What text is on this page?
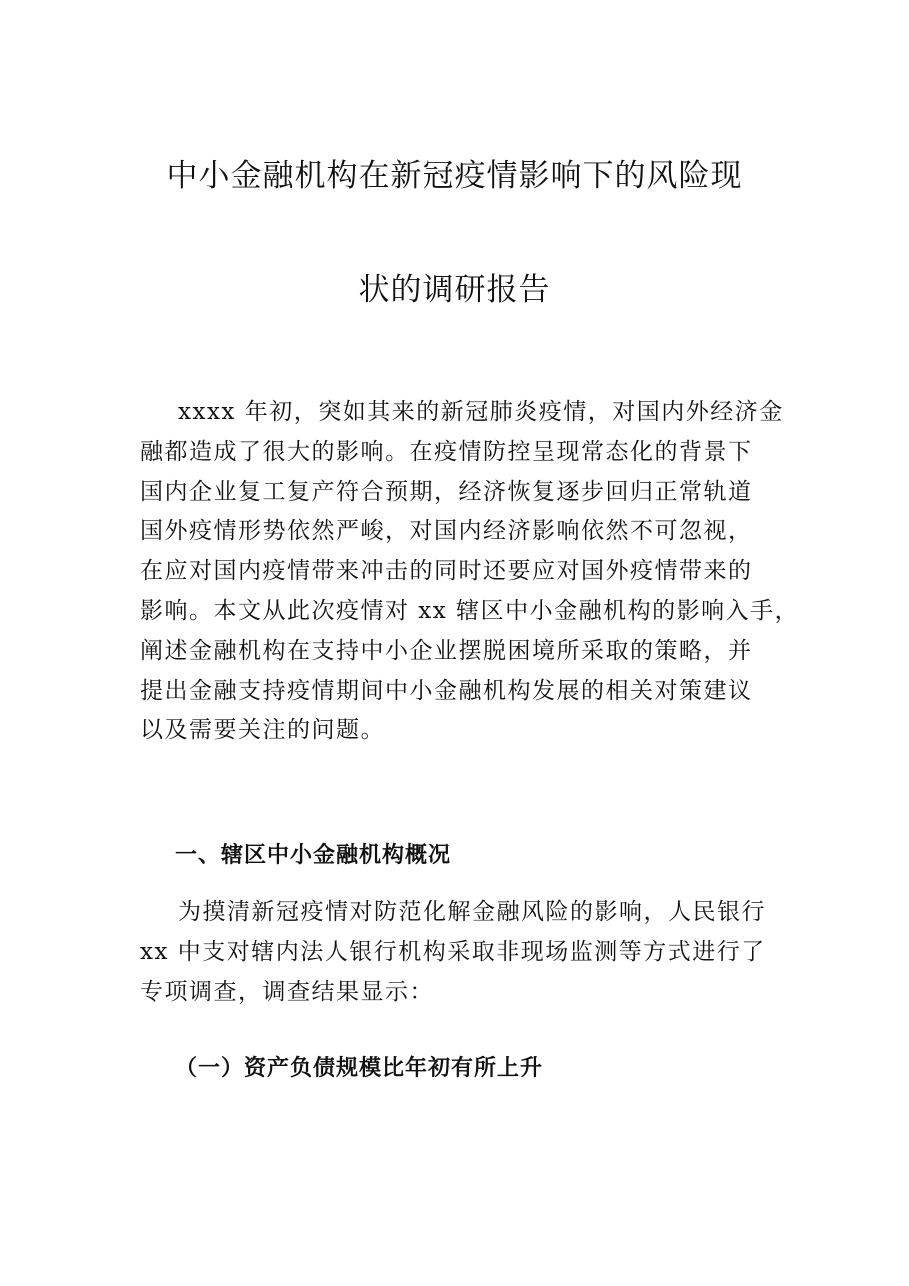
中小金融机构在新冠疫情影响下的风险现
状的调研报告
xxxx 年初，突如其来的新冠肺炎疫情，对国内外经济金
融都造成了很大的影响。在疫情防控呈现常态化的背景下
国内企业复工复产符合预期，经济恢复逐步回归正常轨道
国外疫情形势依然严峻，对国内经济影响依然不可忽视，
在应对国内疫情带来冲击的同时还要应对国外疫情带来的
影响。本文从此次疫情对 xx 辖区中小金融机构的影响入手，
阐述金融机构在支持中小企业摆脱困境所采取的策略，并
提出金融支持疫情期间中小金融机构发展的相关对策建议
以及需要关注的问题。
一、辖区中小金融机构概况
为摸清新冠疫情对防范化解金融风险的影响，人民银行
xx 中支对辖内法人银行机构采取非现场监测等方式进行了
专项调查，调查结果显示：
（一）资产负债规模比年初有所上升
